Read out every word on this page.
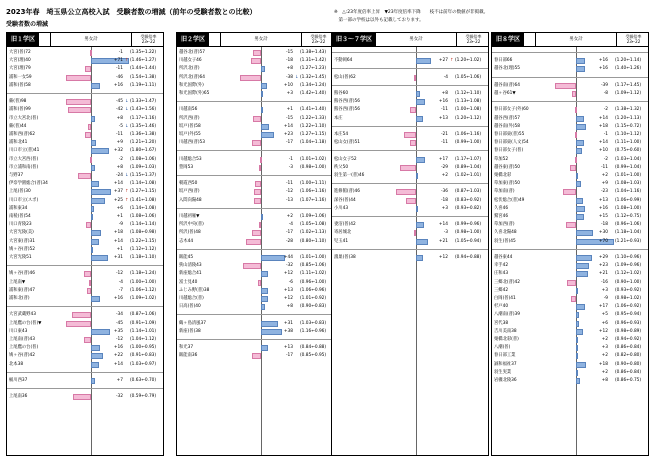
2023年春　埼玉県公立高校入試　受験者数の増減（前年の受験者数との比較）
受験者数の増減
※　△:23年度倍率上昇　▼23年度倍率下降　　枝不は前年の数値が非掲載。
　第一部の学校は以外も記載しております。
旧１学区	男女計
受験倍率
23←22
大宮(普)72	-1 (1.35←1.22)
大宮(理)40	+71 ↑ (1.46←1.27)
大宮(理)79	-11 (1.44←1.44)
浦和一女59	-46 (1.54←1.38)
浦和(普)58	+16 (1.19←1.11)
蕨(普)98	-45 ↓ (1.33←1.47)
浦和(普)99	-42 ↓ (1.43←1.56)
市立大宮北(普)	+8 (1.17←1.16)
蕨(普)44	-5 ↓ (1.35←1.46)
浦和西(普)62	-11 (1.36←1.38)
浦和北41	+9 (1.21←1.20)
川口市立(普)41	+32 (1.80←1.67)
市立大宮西(普)	-2 (1.08←1.06)
市立浦和南(普)	+8 (1.09←1.03)
与野37	-24 ↓ (1.15←1.37)
伊奈学園総合(普)34	+14 (1.14←1.08)
上尾(普)30	+37 ↑ (1.27←1.15)
川口市立(スポ)	+25 ↑ (1.41←1.08)
浦和東34	+6 (1.14←1.08)
南稜(普)54	+1 (1.08←1.06)
川口青陵23	-9 (1.14←1.14)
大宮光陵(美)	+18 (1.08←0.98)
大宮東(普)31	+14 (1.22←1.15)
鳩ヶ谷(普)52	+1 (1.12←1.12)
大宮光陵51	+31 (1.18←1.10)
鳩ヶ谷(普)46	-12 (1.18←1.24)
上尾南▼	-4 (1.00←1.00)
浦和東(普)47	-7 (1.06←1.12)
浦和北(普)	+16 (1.09←1.02)
大宮武蔵野43	-34 (0.87←1.06)
上尾鷹の台(普)▼	-45 (0.91←1.09)
川口東43	+35 (1.14←1.01)
上尾南(普)43	-12 (1.04←1.12)
上尾鷹の台(普)	+16 (1.00←0.95)
鳩ヶ谷(普)42	+22 (0.91←0.83)
北本38	+14 (1.03←0.97)
桶川西37	+7 (0.63←0.70)
上尾南36	-32 (0.59←0.79)
旧２学区	男女計
受験倍率
23←22
越谷北(普)57	-15 (1.38←1.43)
川越女子46	-18 (1.31←1.42)
所沢北(普)	+8 (1.27←1.23)
所沢北(普)64	-38 ↓ (1.32←1.45)
和光国際(外)	+10 (1.34←1.24)
和光国際(外)65	+3 (1.42←1.40)
川越南56	+1 (1.41←1.40)
所沢西(普)	-15 (1.22←1.33)
坂戸(普)58	+14 (1.22←1.10)
坂戸(外)55	+23 (1.27←1.15)
川越西(普)53	-17 (1.04←1.18)
川越総合53	-1 (1.01←1.02)
豊岡53	-3 (0.98←1.00)
朝霞西50	-11 (1.00←1.11)
坂戸西(普)	-12 (1.06←1.16)
入間向陽48	-13 (1.07←1.16)
川越初雁▼	+2 (1.09←1.06)
所沢中央(普)	-4 (1.05←1.08)
所沢(普)48	-17 (1.02←1.13)
志木44	-28 (0.80←1.10)
飯能45	+44 (1.01←1.00)
狭山清陵43	-32 (0.85←1.06)
新座総合41	+12 (1.11←1.02)
富士見40	-6 (0.96←1.00)
ふじみ野(普)38	+13 (1.06←0.96)
川越総合(普)	+12 (1.01←0.92)
日高(普)40	+8 (0.90←0.83)
鶴ヶ島清風37	+31 (1.03←0.83)
新座(普)38	+38 (1.16←0.96)
和光37	+13 (0.84←0.88)
飯能南36	-17 (0.85←0.95)
旧３～７学区	男女計
受験倍率
23←22
不動岡64	+27 ↑ (1.20←1.02)
松山(普)62	-4 (1.05←1.06)
熊谷60	+8 (1.12←1.10)
熊谷西(普)56	+16 (1.13←1.08)
熊谷西(普)56	-11 (1.00←1.08)
本庄	+13 (1.20←1.12)
本庄54	-21 (1.06←1.16)
松山女(普)51	-11 (0.99←1.00)
松山女子52	+17 (1.17←1.07)
秩父50	-29 (0.89←1.04)
羽生第一(普)46	+2 (1.02←1.01)
進修館(普)46	-36 (0.87←1.03)
深谷(普)44	-18 (0.83←0.92)
小川43	+3 (0.93←0.82)
妻沼(普)42	+14 (0.99←0.96)
寄居城北	-3 (0.98←1.00)
児玉41	+21 (1.05←0.94)
鴻巣(普)38	+12 (0.94←0.88)
旧８学区	男女計
受験倍率
23←22
春日部66	+16 (1.20←1.14)
越谷北(理)55	+16 (1.40←1.26)
越谷南(普)64	-39 (1.17←1.45)
越ヶ谷61▼	-8 (1.09←1.12)
春日部女子(外)60	-2 (1.38←1.32)
越谷西(普)57	+14 (1.20←1.13)
越谷南(外)58	+18 (1.15←0.72)
春日部東(普)55	-1 (1.10←1.12)
春日部東(人文)54	+14 (1.11←1.00)
春日部女子(普)	+10 (0.75←0.60)
草加52	-2 (1.03←1.04)
越谷東(普)50	-11 (0.99←1.04)
栗橋北彩	+2 (1.01←1.00)
草加東(普)50	+9 (1.08←1.03)
草加南(普)	-23 (1.04←1.16)
松伏総合(普)49	+13 (1.06←0.99)
久喜46	+16 (1.08←1.00)
鷲宮46	+15 (1.12←0.75)
草加西(普)	-18 (0.96←1.06)
久喜北陽48	+30 (1.18←1.04)
羽生(普)45	+70 (1.21←0.93)
越谷東44	+29 (1.10←0.96)
幸手42	+23 (1.09←0.96)
庄和43	+21 (1.12←1.02)
三郷北(普)42	-16 (0.90←1.00)
三郷42	+3 (0.93←0.92)
白岡(普)41	-9 (0.98←1.02)
杉戸40	+17 (1.06←0.92)
八潮南(普)39	+5 (0.95←0.94)
宮代38	+6 (0.96←0.93)
吉川美南38	+12 (0.98←0.89)
栗橋北彩(普)	+2 (0.94←0.92)
八潮(普)	+3 (0.86←0.84)
春日部工業	+2 (0.82←0.80)
誠和福祉37	+18 (0.90←0.80)
羽生実業	+2 (0.86←0.84)
岩槻北陵36	+8 (0.86←0.75)
